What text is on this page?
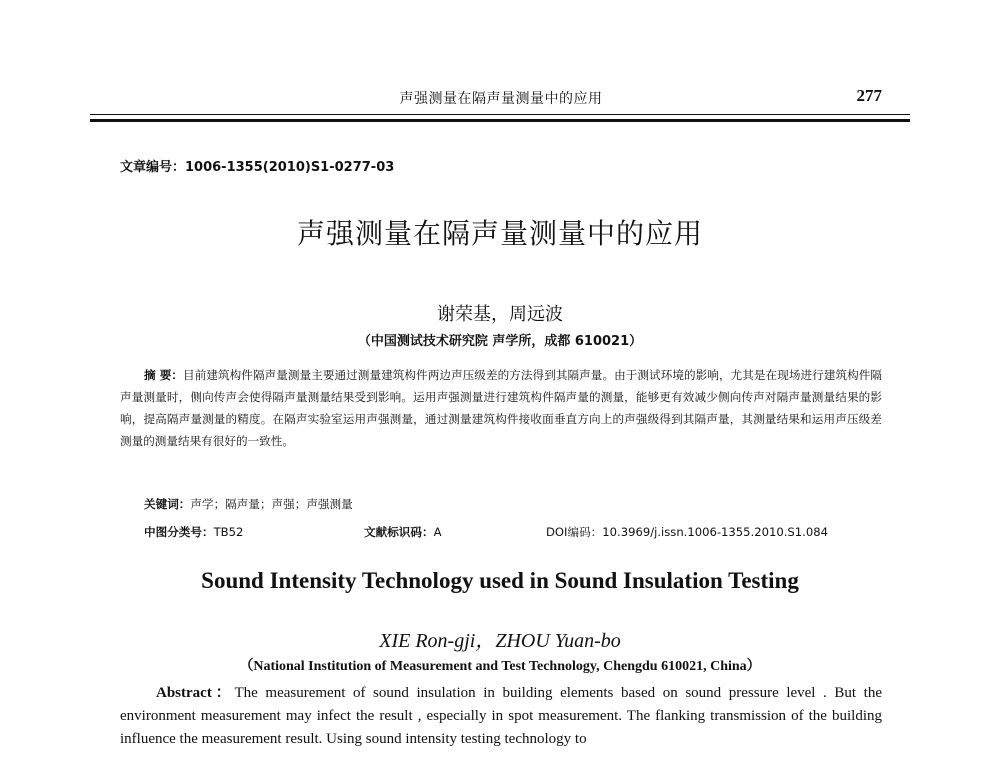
声强测量在隔声量测量中的应用	277
文章编号：1006-1355(2010)S1-0277-03
声强测量在隔声量测量中的应用
谢荣基，周远波
（中国测试技术研究院 声学所，成都 610021）

摘 要：目前建筑构件隔声量测量主要通过测量建筑构件两边声压级差的方法得到其隔声量。由于测试环境的影响，尤其是在现场进行建筑构件隔声量测量时，侧向传声会使得隔声量测量结果受到影响。运用声强测量进行建筑构件隔声量的测量，能够更有效减少侧向传声对隔声量测量结果的影响，提高隔声量测量的精度。在隔声实验室运用声强测量，通过测量建筑构件接收面垂直方向上的声强级得到其隔声量，其测量结果和运用声压级差测量的测量结果有很好的一致性。

关键词：声学；隔声量；声强；声强测量
中图分类号：TB52	文献标识码：A	DOI编码：10.3969/j.issn.1006-1355.2010.S1.084
Sound Intensity Technology used in Sound Insulation Testing
XIE Ron-gji，ZHOU Yuan-bo
（National Institution of Measurement and Test Technology, Chengdu 610021, China）

Abstract：The measurement of sound insulation in building elements based on sound pressure level . But the environment measurement may infect the result , especially in spot measurement. The flanking transmission of the building influence the measurement result. Using sound intensity testing technology to
